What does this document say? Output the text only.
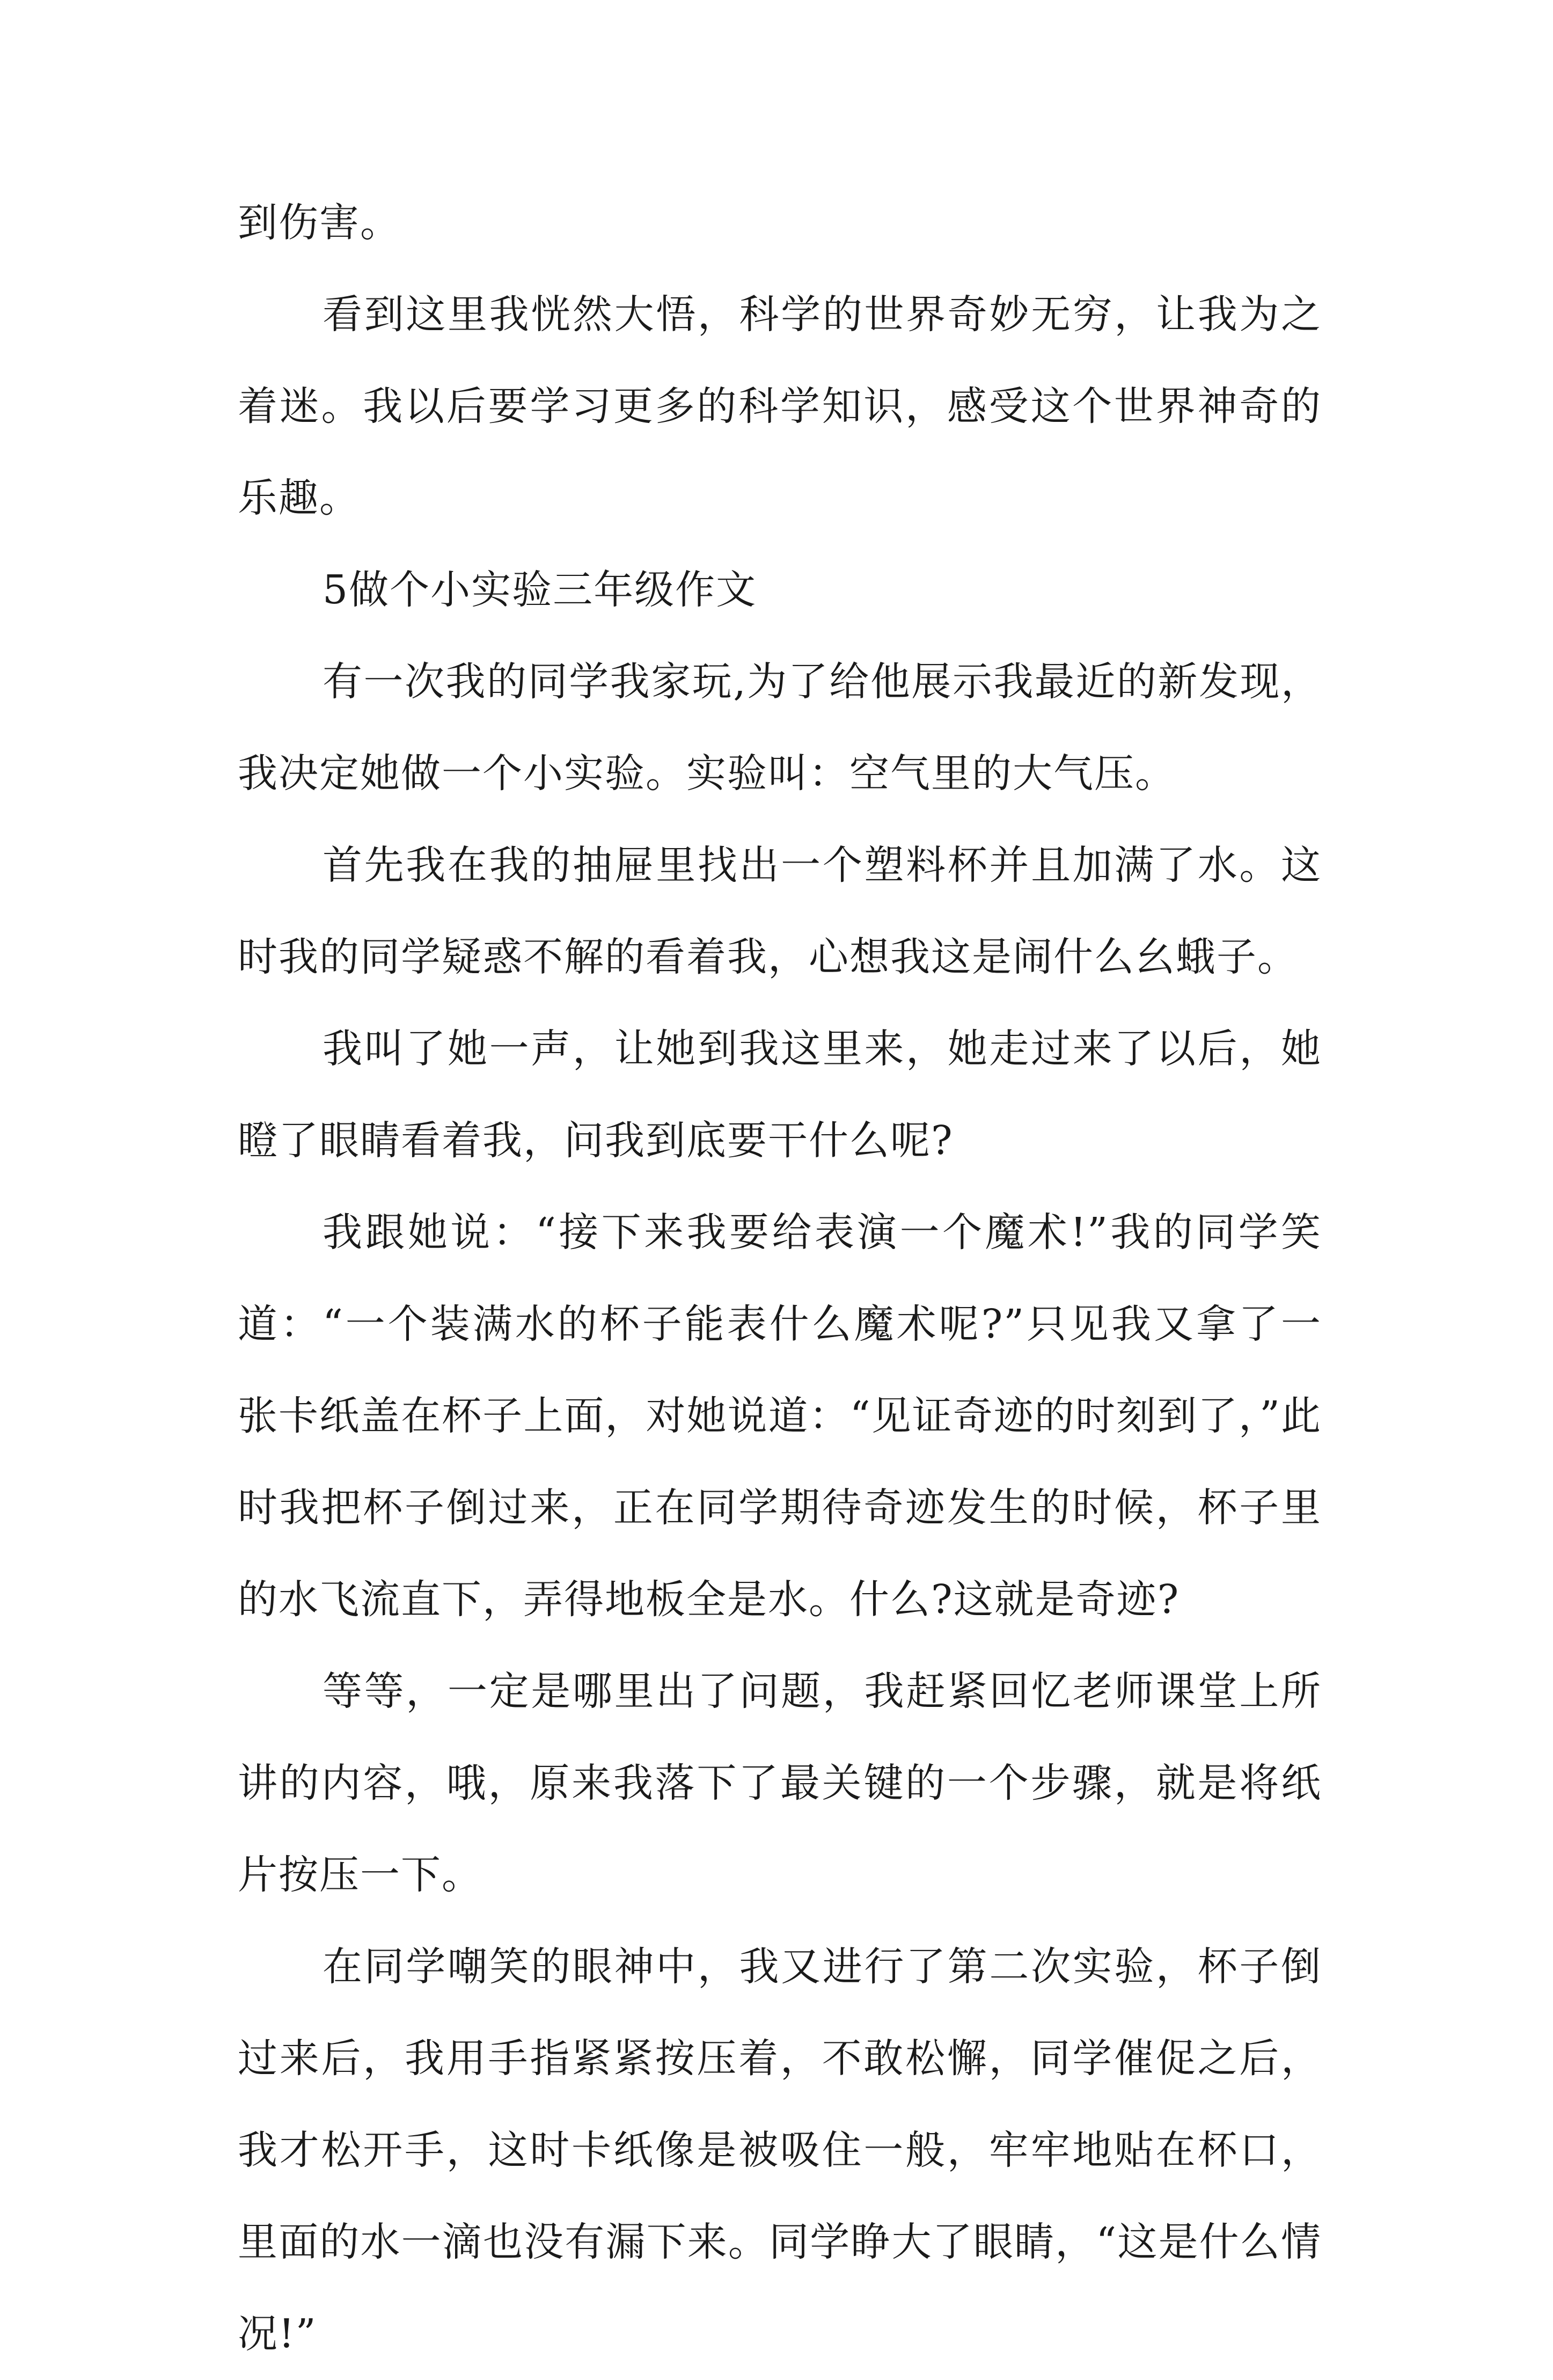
到伤害。

看到这里我恍然大悟，科学的世界奇妙无穷，让我为之着迷。我以后要学习更多的科学知识，感受这个世界神奇的乐趣。

5做个小实验三年级作文

有一次我的同学我家玩,为了给他展示我最近的新发现，我决定她做一个小实验。实验叫：空气里的大气压。

首先我在我的抽屉里找出一个塑料杯并且加满了水。这时我的同学疑惑不解的看着我，心想我这是闹什么幺蛾子。

我叫了她一声，让她到我这里来，她走过来了以后，她瞪了眼睛看着我，问我到底要干什么呢?

我跟她说：“接下来我要给表演一个魔术!”我的同学笑道：“一个装满水的杯子能表什么魔术呢?”只见我又拿了一张卡纸盖在杯子上面，对她说道：“见证奇迹的时刻到了，”此时我把杯子倒过来，正在同学期待奇迹发生的时候，杯子里的水飞流直下，弄得地板全是水。什么?这就是奇迹?

等等，一定是哪里出了问题，我赶紧回忆老师课堂上所讲的内容，哦，原来我落下了最关键的一个步骤，就是将纸片按压一下。

在同学嘲笑的眼神中，我又进行了第二次实验，杯子倒过来后，我用手指紧紧按压着，不敢松懈，同学催促之后，我才松开手，这时卡纸像是被吸住一般，牢牢地贴在杯口，里面的水一滴也没有漏下来。同学睁大了眼睛，“这是什么情况!”
